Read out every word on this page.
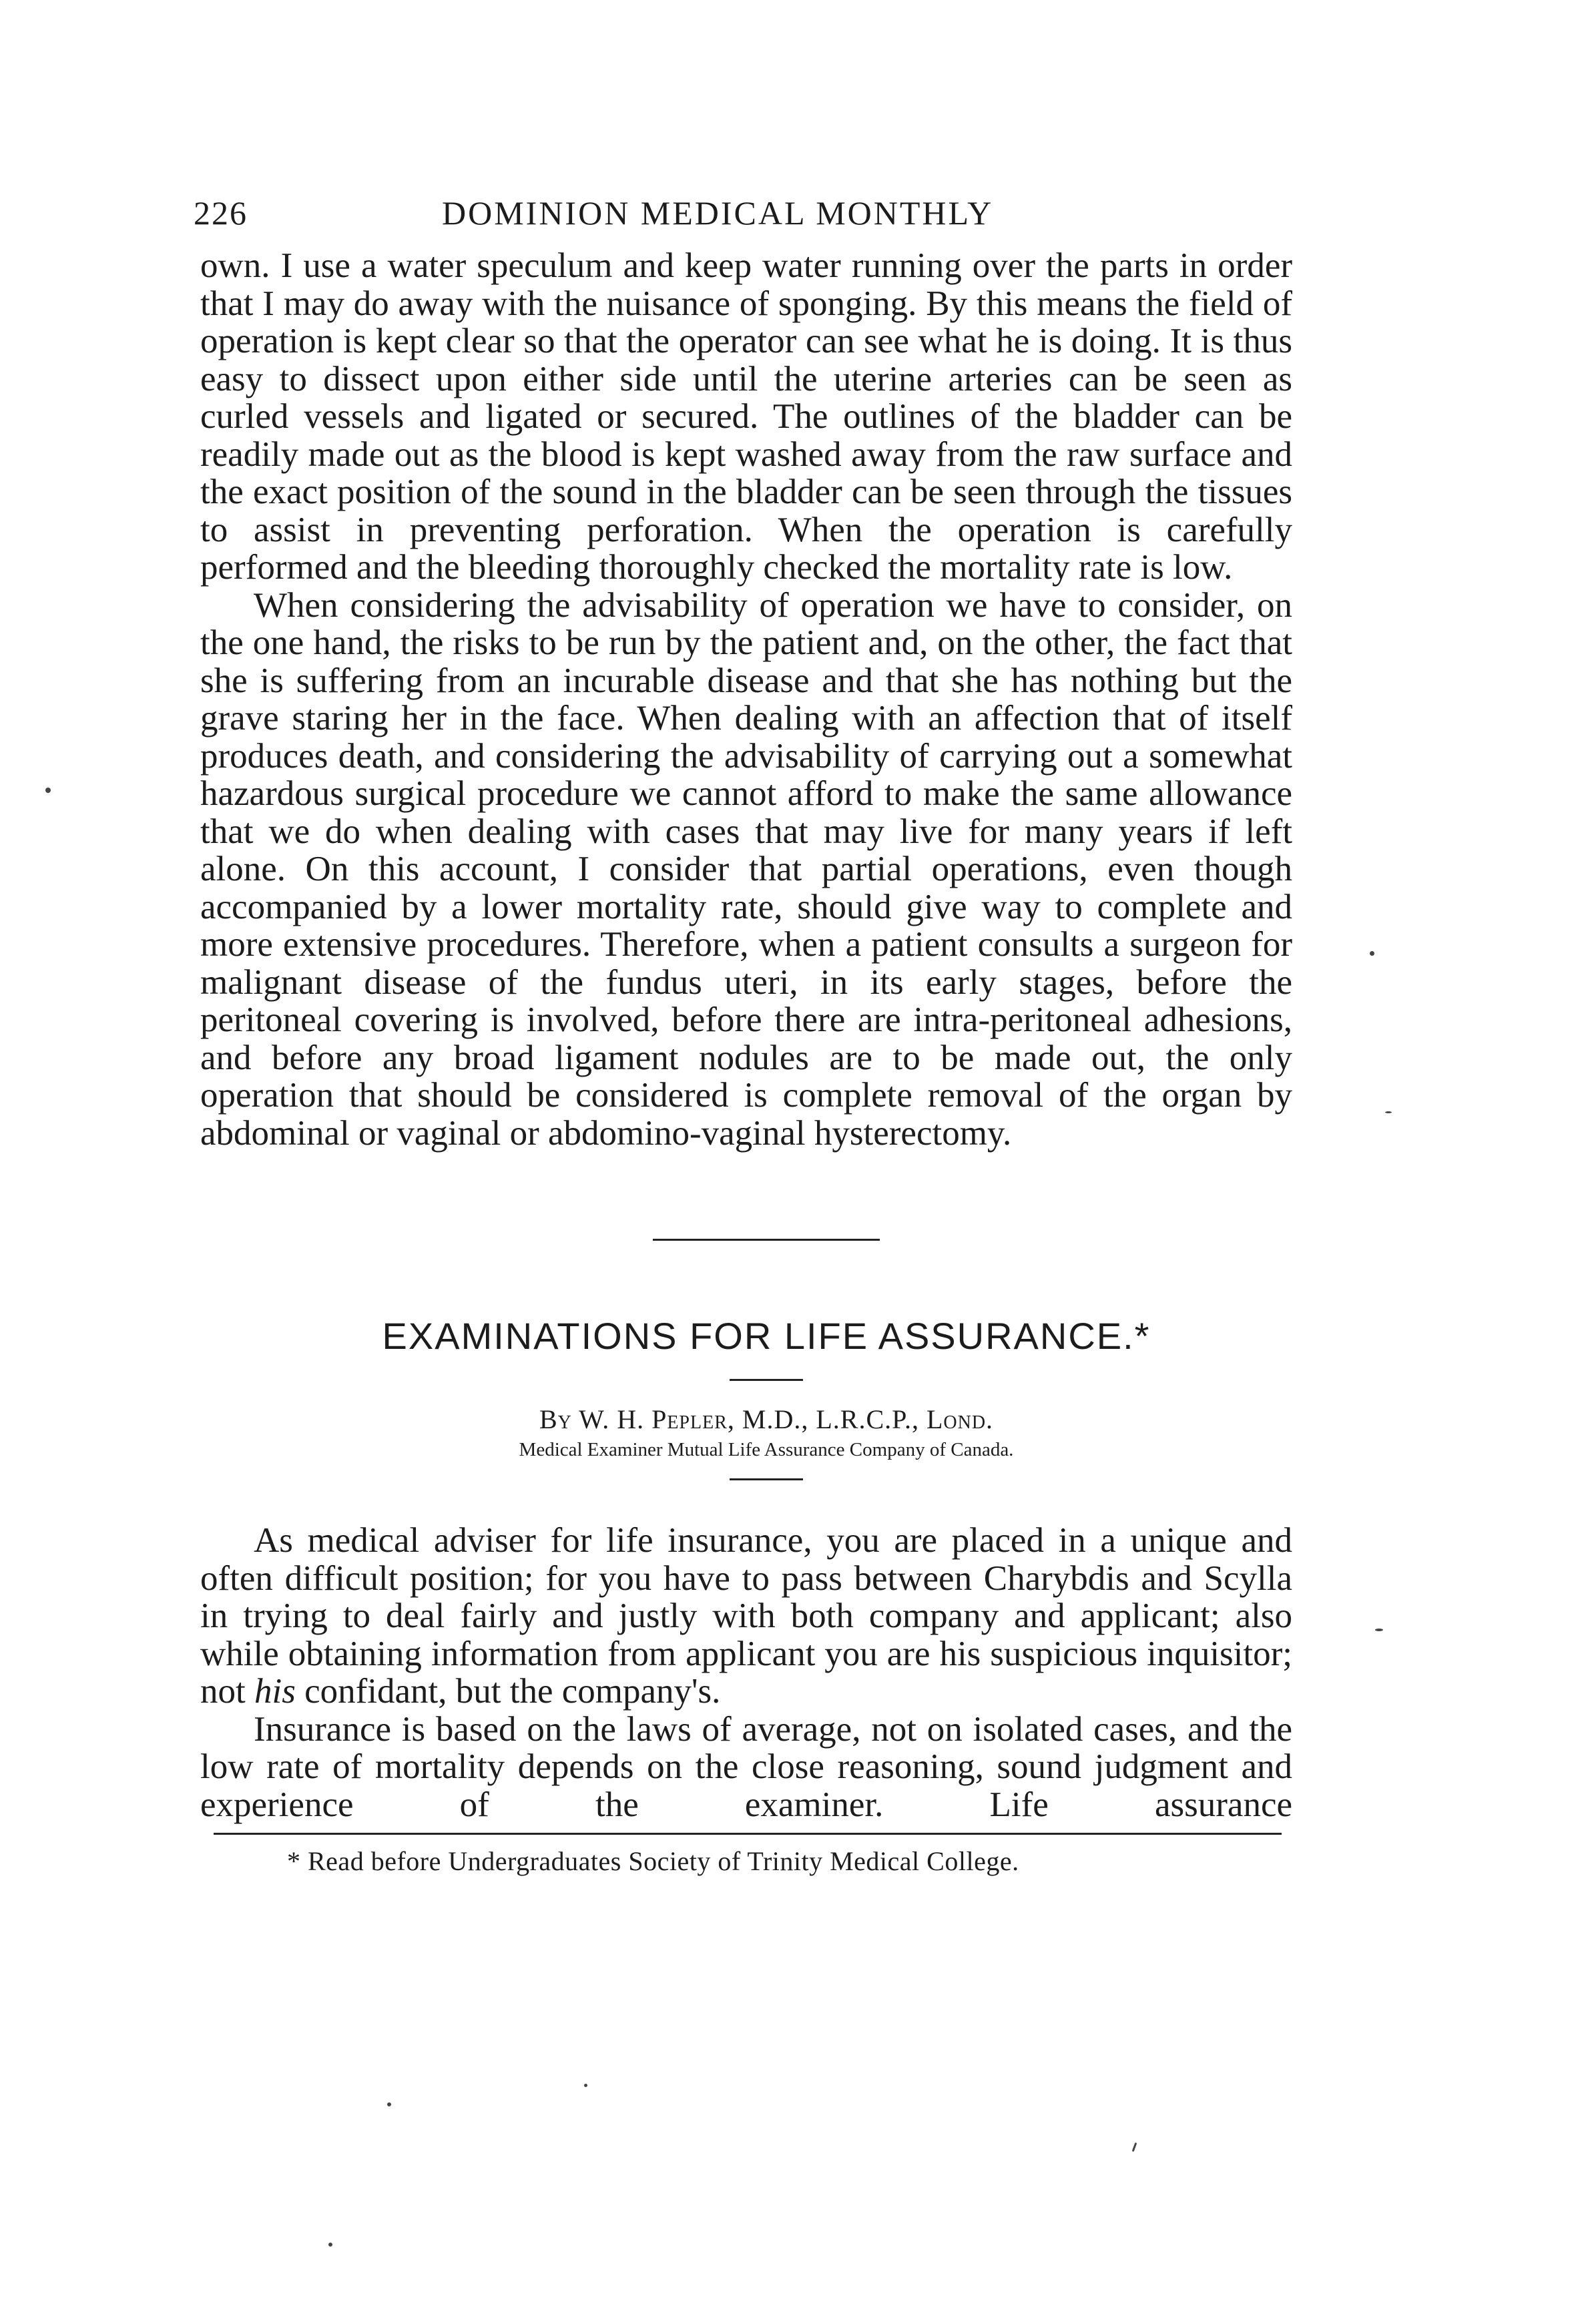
226	DOMINION MEDICAL MONTHLY

own. I use a water speculum and keep water running over the parts in order that I may do away with the nuisance of sponging. By this means the field of operation is kept clear so that the operator can see what he is doing. It is thus easy to dissect upon either side until the uterine arteries can be seen as curled vessels and ligated or secured. The outlines of the bladder can be readily made out as the blood is kept washed away from the raw surface and the exact position of the sound in the bladder can be seen through the tissues to assist in preventing perforation. When the operation is carefully performed and the bleeding thoroughly checked the mortality rate is low.

When considering the advisability of operation we have to consider, on the one hand, the risks to be run by the patient and, on the other, the fact that she is suffering from an incurable disease and that she has nothing but the grave staring her in the face. When dealing with an affection that of itself produces death, and considering the advisability of carrying out a somewhat hazardous surgical procedure we cannot afford to make the same allowance that we do when dealing with cases that may live for many years if left alone. On this account, I consider that partial operations, even though accompanied by a lower mortality rate, should give way to complete and more extensive procedures. Therefore, when a patient consults a surgeon for malignant disease of the fundus uteri, in its early stages, before the peritoneal covering is involved, before there are intra-peritoneal adhesions, and before any broad ligament nodules are to be made out, the only operation that should be considered is complete removal of the organ by abdominal or vaginal or abdomino-vaginal hysterectomy.

EXAMINATIONS FOR LIFE ASSURANCE.*
By W. H. Pepler, M.D., L.R.C.P., Lond.
Medical Examiner Mutual Life Assurance Company of Canada.

As medical adviser for life insurance, you are placed in a unique and often difficult position; for you have to pass between Charybdis and Scylla in trying to deal fairly and justly with both company and applicant; also while obtaining information from applicant you are his suspicious inquisitor; not his confidant, but the company's.

Insurance is based on the laws of average, not on isolated cases, and the low rate of mortality depends on the close reasoning, sound judgment and experience of the examiner. Life assurance

* Read before Undergraduates Society of Trinity Medical College.
